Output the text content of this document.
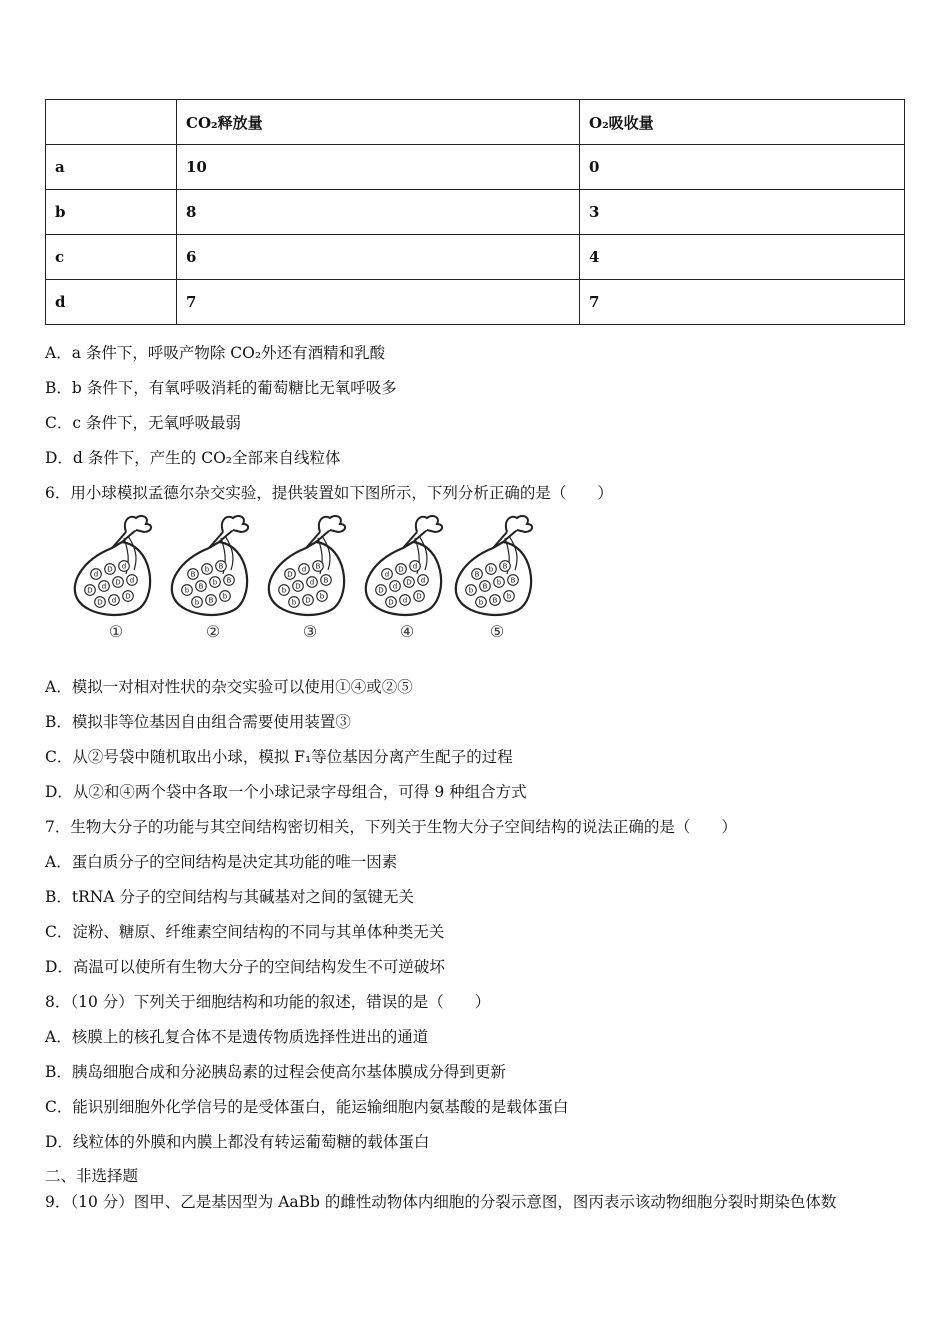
	CO₂释放量	O₂吸收量
a	10	0
b	8	3
c	6	4
d	7	7
A．a 条件下，呼吸产物除 CO₂外还有酒精和乳酸
B．b 条件下，有氧呼吸消耗的葡萄糖比无氧呼吸多
C．c 条件下，无氧呼吸最弱
D．d 条件下，产生的 CO₂全部来自线粒体
6．用小球模拟孟德尔杂交实验，提供装置如下图所示，下列分析正确的是（　　）
d
D d
D d D d
D d D
①
B
b B
b B b B
b B b
②
D
d B
b D d B
b D b
③
d
D d
D d D d
D d D
④
B
b B
b B b B
b B b
⑤
A．模拟一对相对性状的杂交实验可以使用①④或②⑤
B．模拟非等位基因自由组合需要使用装置③
C．从②号袋中随机取出小球，模拟 F₁等位基因分离产生配子的过程
D．从②和④两个袋中各取一个小球记录字母组合，可得 9 种组合方式
7．生物大分子的功能与其空间结构密切相关，下列关于生物大分子空间结构的说法正确的是（　　）
A．蛋白质分子的空间结构是决定其功能的唯一因素
B．tRNA 分子的空间结构与其碱基对之间的氢键无关
C．淀粉、糖原、纤维素空间结构的不同与其单体种类无关
D．高温可以使所有生物大分子的空间结构发生不可逆破坏
8．（10 分）下列关于细胞结构和功能的叙述，错误的是（　　）
A．核膜上的核孔复合体不是遗传物质选择性进出的通道
B．胰岛细胞合成和分泌胰岛素的过程会使高尔基体膜成分得到更新
C．能识别细胞外化学信号的是受体蛋白，能运输细胞内氨基酸的是载体蛋白
D．线粒体的外膜和内膜上都没有转运葡萄糖的载体蛋白
二、非选择题
9．（10 分）图甲、乙是基因型为 AaBb 的雌性动物体内细胞的分裂示意图，图丙表示该动物细胞分裂时期染色体数
